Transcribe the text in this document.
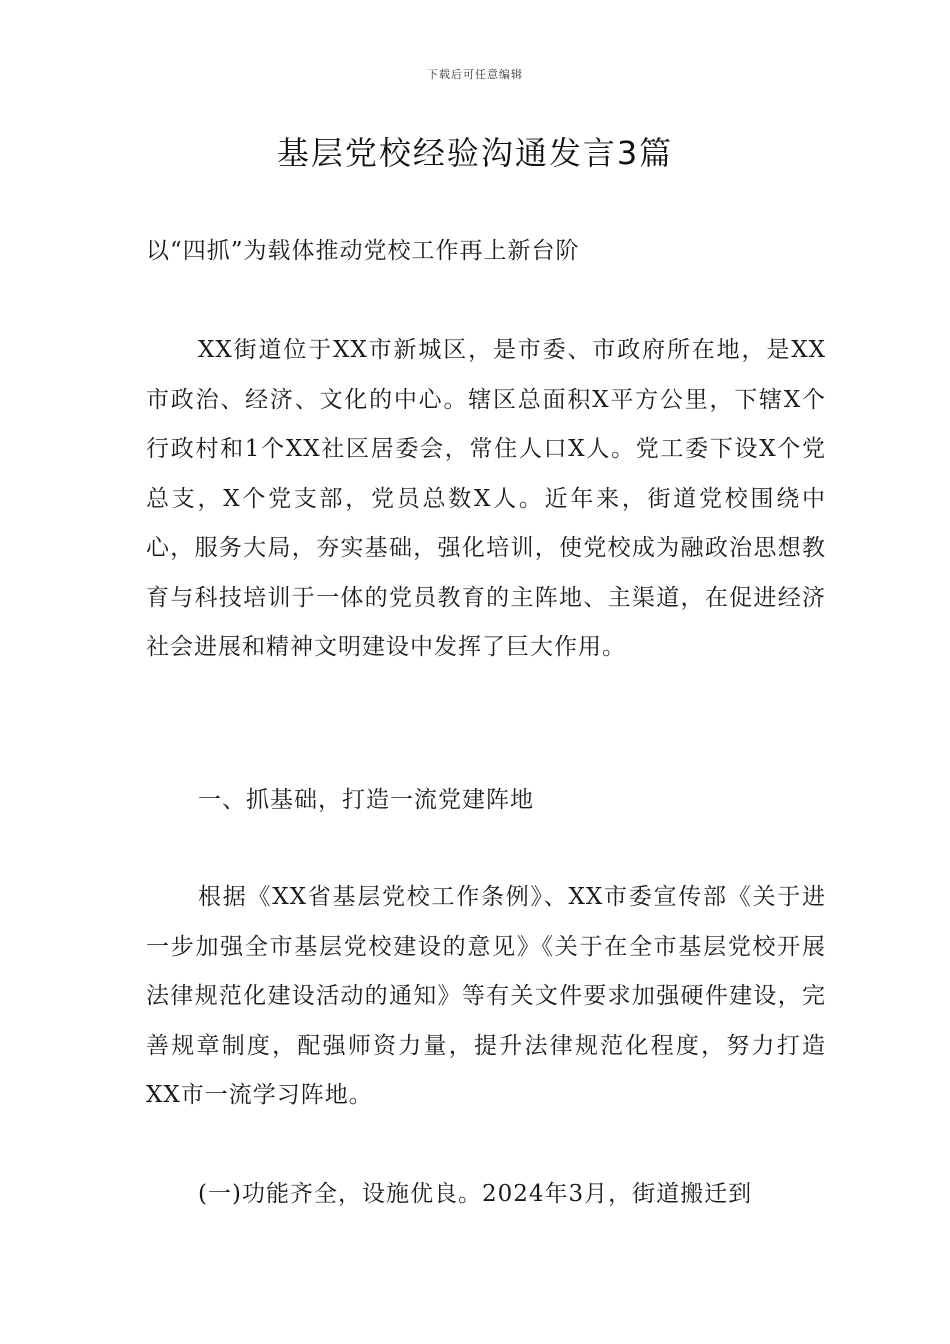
下载后可任意编辑
基层党校经验沟通发言3篇
以“四抓”为载体推动党校工作再上新台阶

XX街道位于XX市新城区，是市委、市政府所在地，是XX市政治、经济、文化的中心。辖区总面积X平方公里，下辖X个行政村和1个XX社区居委会，常住人口X人。党工委下设X个党总支，X个党支部，党员总数X人。近年来，街道党校围绕中心，服务大局，夯实基础，强化培训，使党校成为融政治思想教育与科技培训于一体的党员教育的主阵地、主渠道，在促进经济社会进展和精神文明建设中发挥了巨大作用。

一、抓基础，打造一流党建阵地

根据《XX省基层党校工作条例》、XX市委宣传部《关于进一步加强全市基层党校建设的意见》《关于在全市基层党校开展法律规范化建设活动的通知》等有关文件要求加强硬件建设，完善规章制度，配强师资力量，提升法律规范化程度，努力打造XX市一流学习阵地。

(一)功能齐全，设施优良。2024年3月，街道搬迁到
